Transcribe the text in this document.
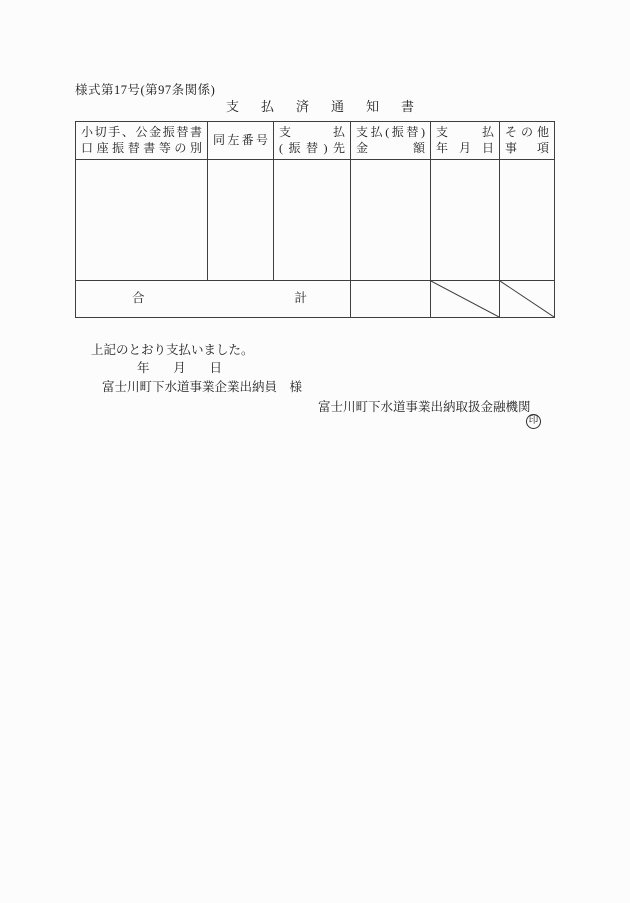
様式第17号(第97条関係)
支払済通知書
小切手、公金振替書
口座振替書等の別
同左番号
支払
(振替)先
支払(振替)
金額
支払
年月日
その他
事項
合計
上記のとおり支払いました。
年月日
富士川町下水道事業企業出納員　様
富士川町下水道事業出納取扱金融機関
印
